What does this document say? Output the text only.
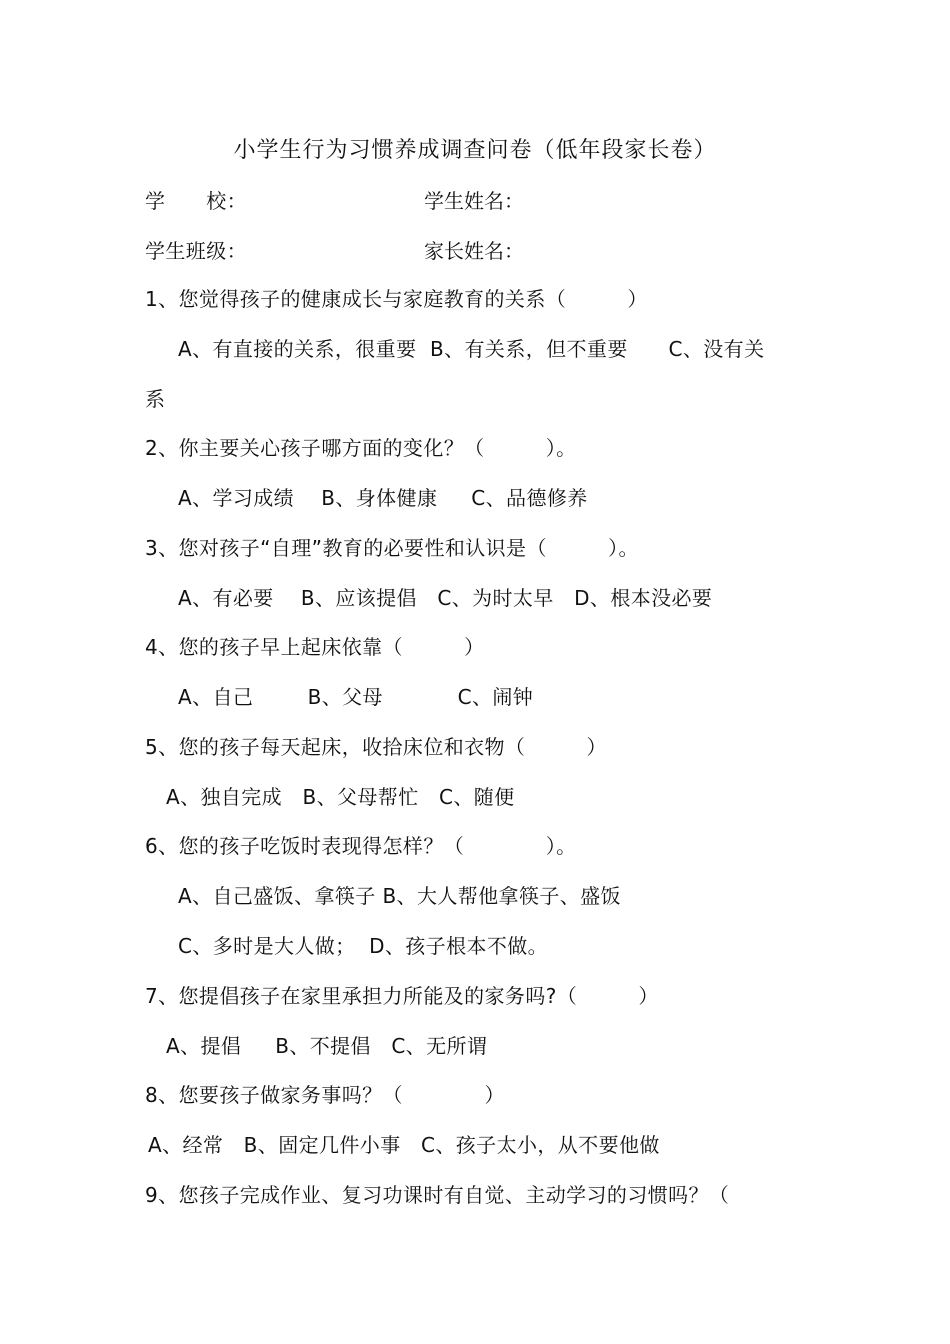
小学生行为习惯养成调查问卷（低年段家长卷）
学　　校：	学生姓名：
学生班级：	家长姓名：
1、您觉得孩子的健康成长与家庭教育的关系（　　　）
A、有直接的关系，很重要  B、有关系，但不重要　　C、没有关
系
2、你主要关心孩子哪方面的变化？（　　　）。
A、学习成绩　 B、身体健康　  C、品德修养
3、您对孩子“自理”教育的必要性和认识是（　　　）。
A、有必要　 B、应该提倡　C、为时太早　D、根本没必要
4、您的孩子早上起床依靠（　　　）
A、自己　　  B、父母　　　  C、闹钟
5、您的孩子每天起床，收拾床位和衣物（　　　）
A、独自完成　B、父母帮忙　C、随便
6、您的孩子吃饭时表现得怎样？（　　　　）。
A、自己盛饭、拿筷子 B、大人帮他拿筷子、盛饭
C、多时是大人做；  D、孩子根本不做。
7、您提倡孩子在家里承担力所能及的家务吗?（　　　）
A、提倡　  B、不提倡　C、无所谓
8、您要孩子做家务事吗？（　　　　）
A、经常　B、固定几件小事　C、孩子太小，从不要他做
9、您孩子完成作业、复习功课时有自觉、主动学习的习惯吗？（
